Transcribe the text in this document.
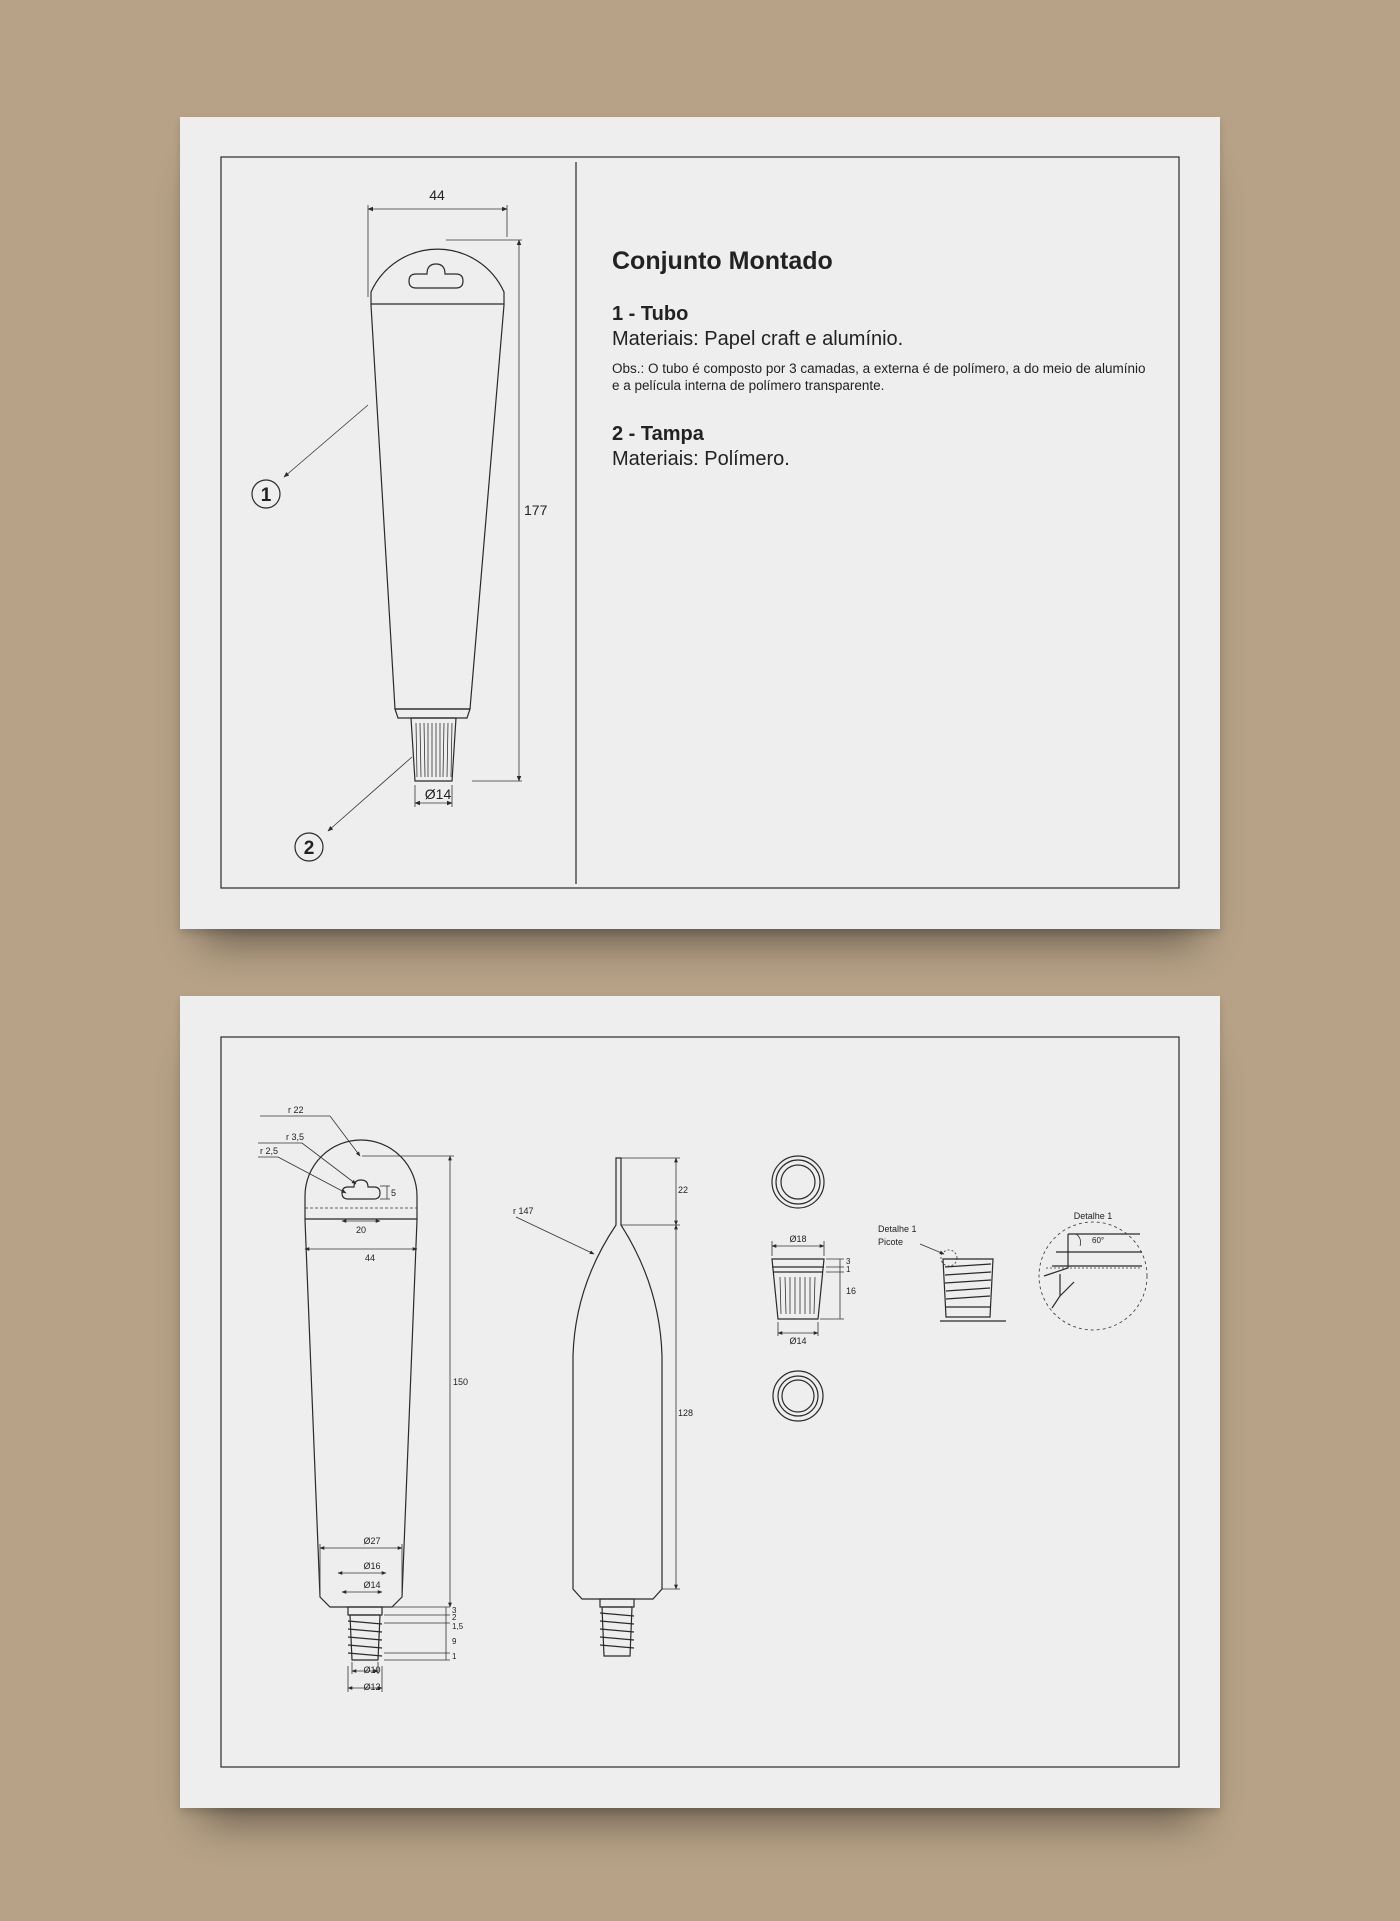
44
177
Ø14
1
2
Conjunto Montado
1 - Tubo
Materiais: Papel craft e alumínio.
Obs.: O tubo é composto por 3 camadas, a externa é de polímero, a do meio de alumínio e a película interna de polímero transparente.
2 - Tampa
Materiais: Polímero.
r 22
r 3,5
r 2,5
20
5
44
150
Ø27
Ø16
Ø14
Ø10
Ø12
3
2
1,5
9
1
r 147
22
128
Ø18
Ø14
3
1
16
Detalhe 1
Picote
Detalhe 1
60°
